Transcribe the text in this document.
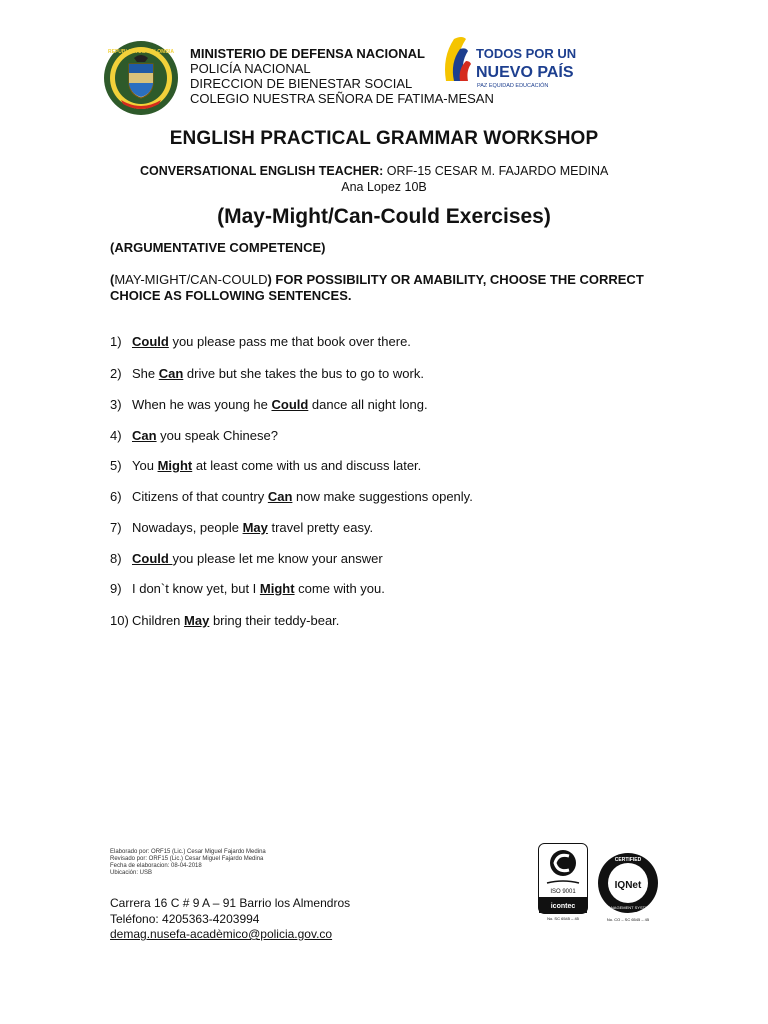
REPUBLICA DE COLOMBIA MINISTERIO DE DEFENSA NACIONAL
POLICÍA NACIONAL
DIRECCION DE BIENESTAR SOCIAL
COLEGIO NUESTRA SEÑORA DE FATIMA-MESAN
TODOS POR UN
NUEVO PAÍS
PAZ EQUIDAD EDUCACIÓN
ENGLISH PRACTICAL GRAMMAR WORKSHOP
CONVERSATIONAL ENGLISH TEACHER: ORF-15 CESAR M. FAJARDO MEDINA
Ana Lopez 10B
(May-Might/Can-Could Exercises)
(ARGUMENTATIVE COMPETENCE)
(MAY-MIGHT/CAN-COULD) FOR POSSIBILITY OR AMABILITY, CHOOSE THE CORRECT CHOICE AS FOLLOWING SENTENCES.
1) Could you please pass me that book over there.
2) She Can drive but she takes the bus to go to work.
3) When he was young he Could dance all night long.
4) Can you speak Chinese?
5) You Might at least come with us and discuss later.
6) Citizens of that country Can now make suggestions openly.
7) Nowadays, people May travel pretty easy.
8) Could you please let me know your answer
9) I don`t know yet, but I Might come with you.
10) Children May bring their teddy-bear.
Elaborado por: ORF15 (Lic.) Cesar Miguel Fajardo Medina
Revisado por: ORF15 (Lic.) Cesar Miguel Fajardo Medina
Fecha de elaboracion: 08-04-2018
Ubicación: USB
Carrera 16 C # 9 A – 91 Barrio los Almendros
Teléfono: 4205363-4203994
demag.nusefa-acadèmico@policia.gov.co
ISO 9001
icontec
No. SC 6545 – 45
CERTIFIED
IQNet
MANAGEMENT SYSTEM
No. CO – SC 6545 – 45
